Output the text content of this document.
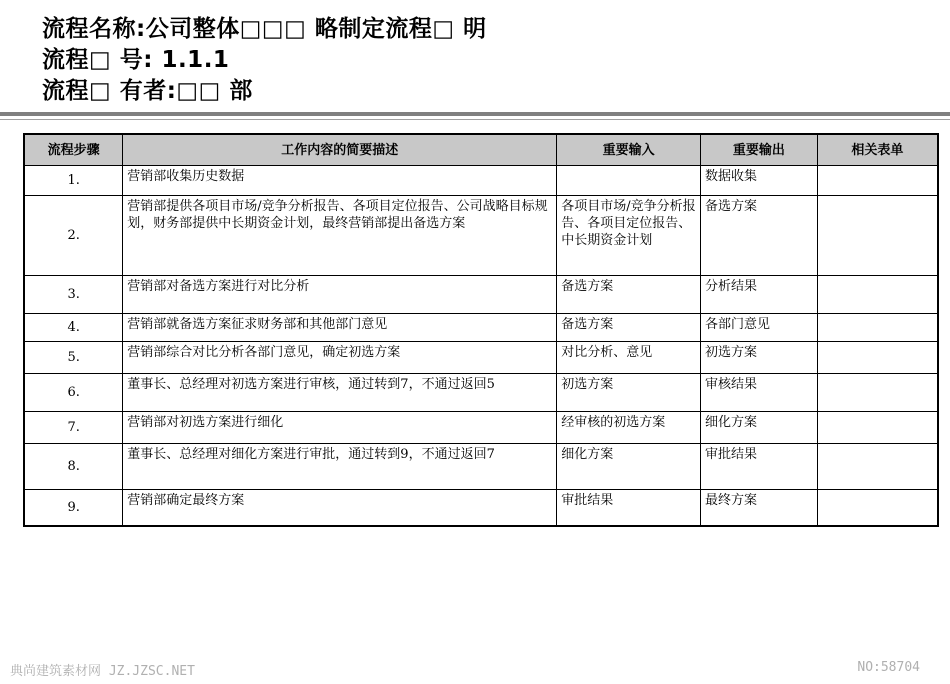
流程名称:公司整体□□□ 略制定流程□ 明
流程□ 号: 1.1.1
流程□ 有者:□□ 部
流程步骤	工作内容的简要描述	重要输入	重要输出	相关表单
1.	营销部收集历史数据		数据收集	
2.	营销部提供各项目市场/竞争分析报告、各项目定位报告、公司战略目标规划，财务部提供中长期资金计划，最终营销部提出备选方案	各项目市场/竞争分析报告、各项目定位报告、中长期资金计划	备选方案	
3.	营销部对备选方案进行对比分析	备选方案	分析结果	
4.	营销部就备选方案征求财务部和其他部门意见	备选方案	各部门意见	
5.	营销部综合对比分析各部门意见，确定初选方案	对比分析、意见	初选方案	
6.	董事长、总经理对初选方案进行审核，通过转到7，不通过返回5	初选方案	审核结果	
7.	营销部对初选方案进行细化	经审核的初选方案	细化方案	
8.	董事长、总经理对细化方案进行审批，通过转到9，不通过返回7	细化方案	审批结果	
9.	营销部确定最终方案	审批结果	最终方案	
典尚建筑素材网 JZ.JZSC.NET	NO:58704
